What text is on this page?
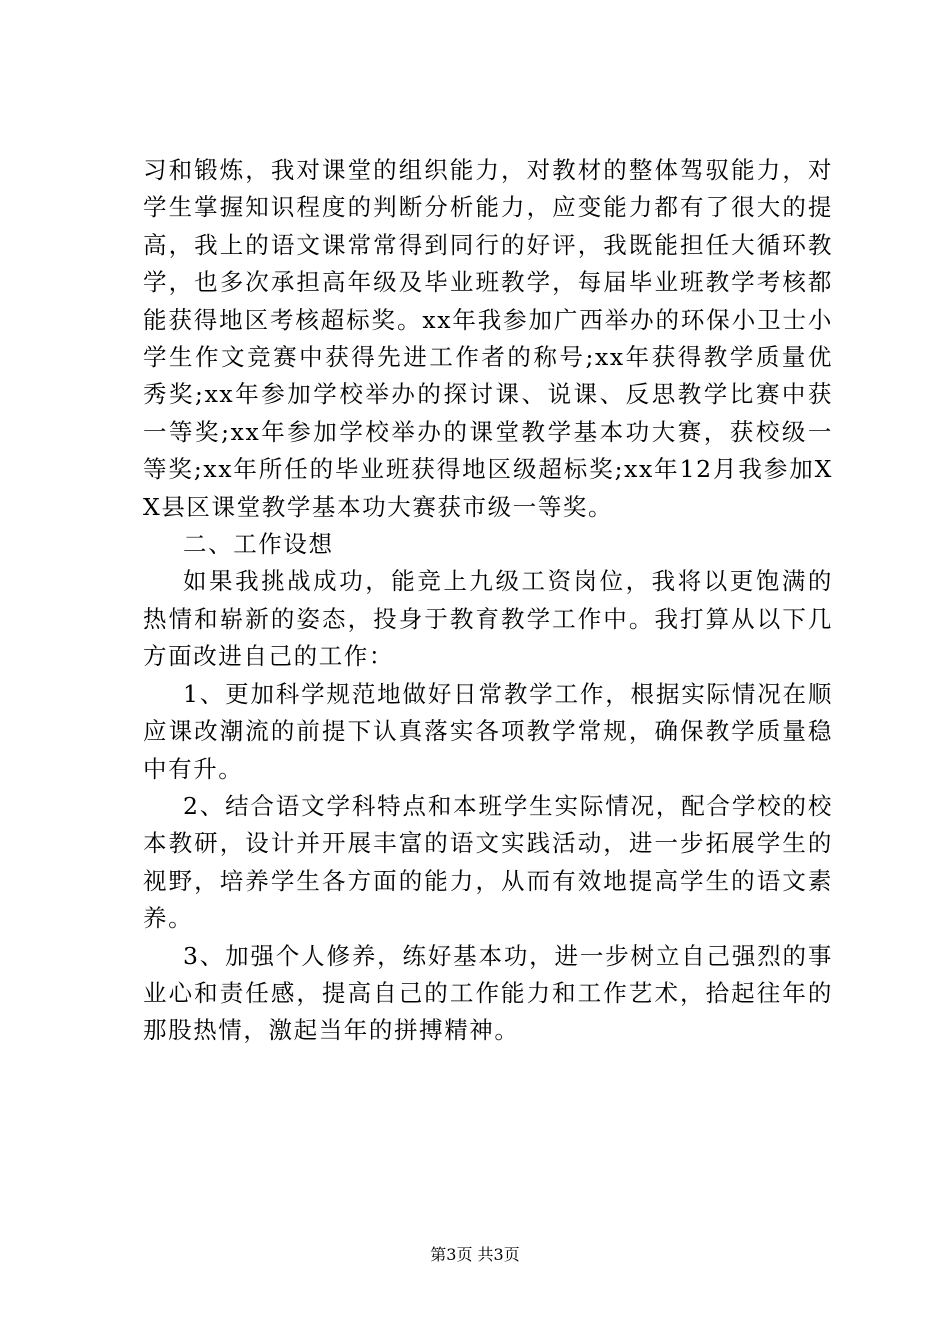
习和锻炼，我对课堂的组织能力，对教材的整体驾驭能力，对学生掌握知识程度的判断分析能力，应变能力都有了很大的提高，我上的语文课常常得到同行的好评，我既能担任大循环教学，也多次承担高年级及毕业班教学，每届毕业班教学考核都能获得地区考核超标奖。xx年我参加广西举办的环保小卫士小学生作文竞赛中获得先进工作者的称号;xx年获得教学质量优秀奖;xx年参加学校举办的探讨课、说课、反思教学比赛中获一等奖;xx年参加学校举办的课堂教学基本功大赛，获校级一等奖;xx年所任的毕业班获得地区级超标奖;xx年12月我参加XX县区课堂教学基本功大赛获市级一等奖。

二、工作设想

如果我挑战成功，能竞上九级工资岗位，我将以更饱满的热情和崭新的姿态，投身于教育教学工作中。我打算从以下几方面改进自己的工作：

1、更加科学规范地做好日常教学工作，根据实际情况在顺应课改潮流的前提下认真落实各项教学常规，确保教学质量稳中有升。

2、结合语文学科特点和本班学生实际情况，配合学校的校本教研，设计并开展丰富的语文实践活动，进一步拓展学生的视野，培养学生各方面的能力，从而有效地提高学生的语文素养。

3、加强个人修养，练好基本功，进一步树立自己强烈的事业心和责任感，提高自己的工作能力和工作艺术，拾起往年的那股热情，激起当年的拼搏精神。

第3页 共3页
